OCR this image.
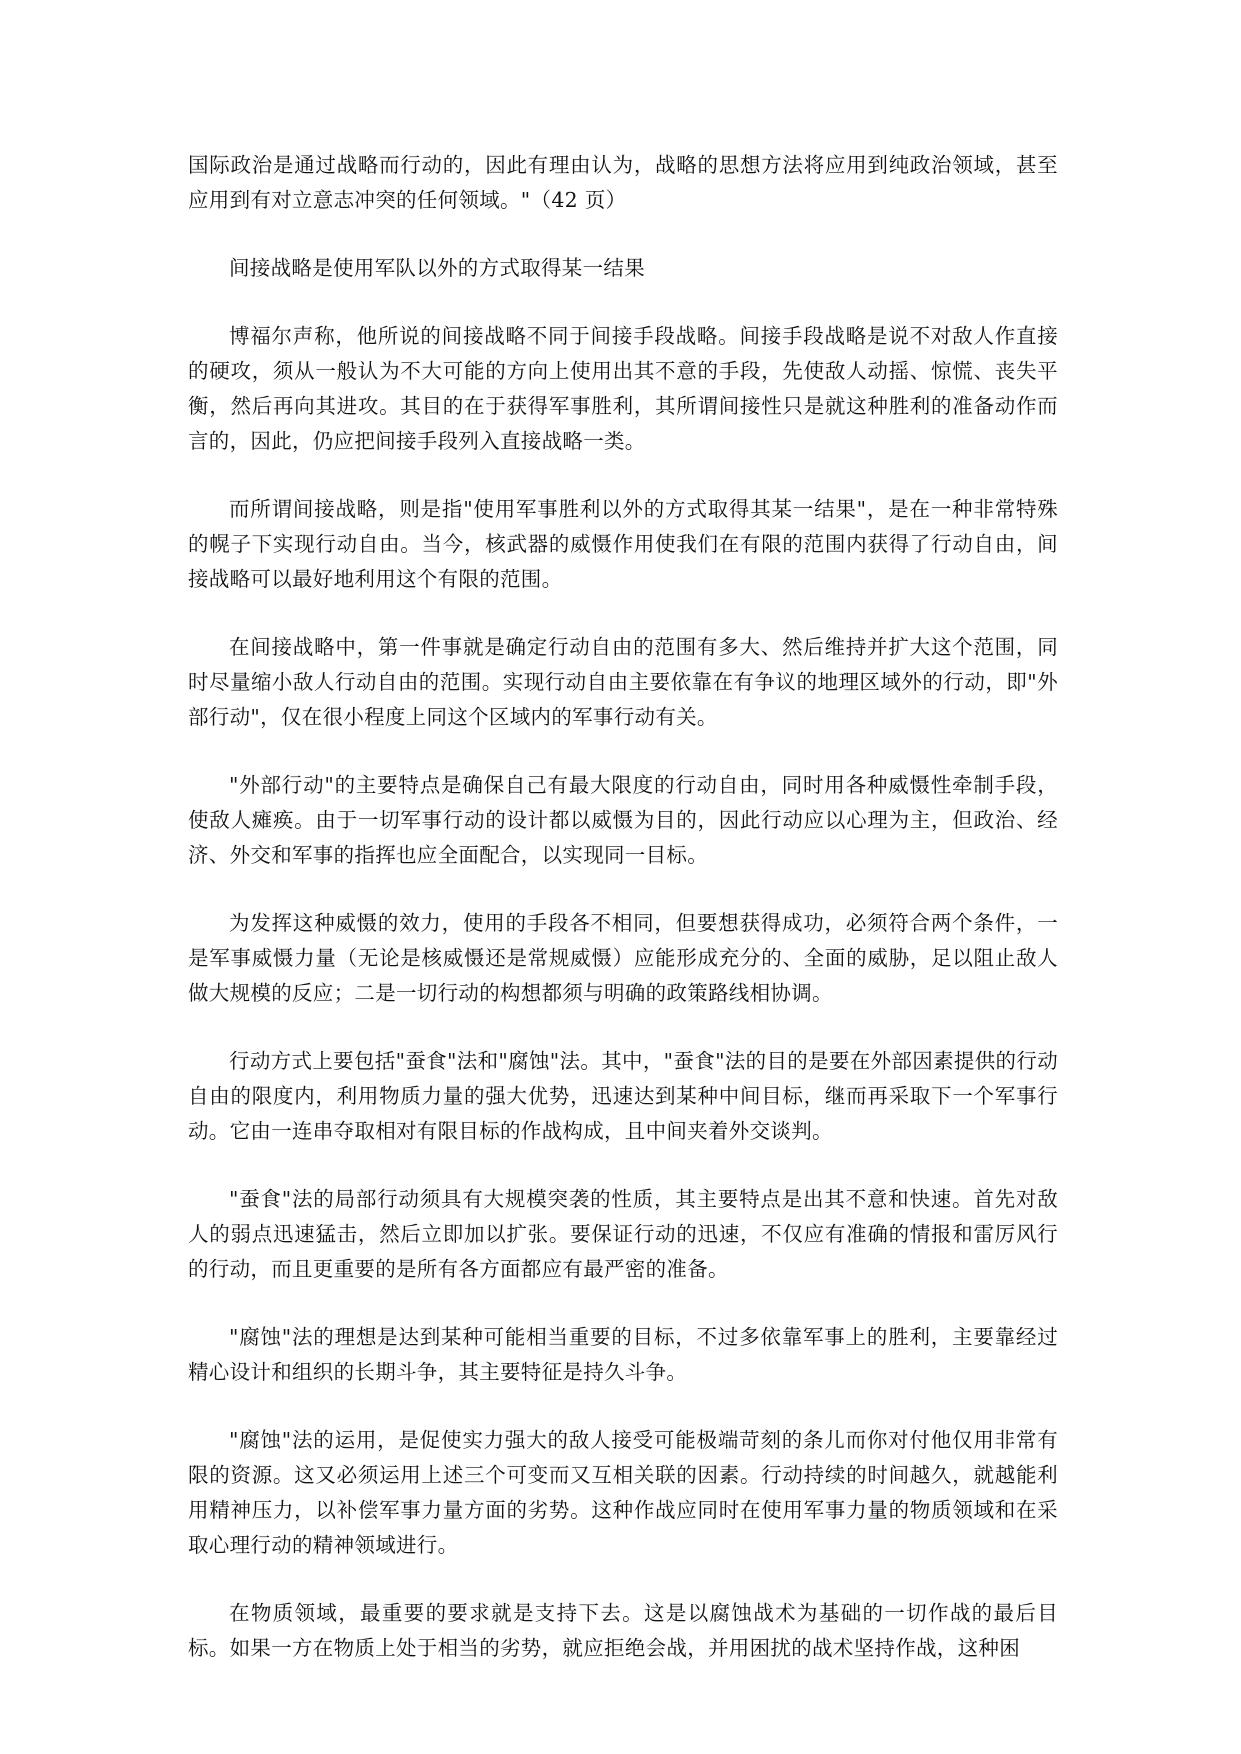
国际政治是通过战略而行动的，因此有理由认为，战略的思想方法将应用到纯政治领域，甚至应用到有对立意志冲突的任何领域。"（42 页）

间接战略是使用军队以外的方式取得某一结果

博福尔声称，他所说的间接战略不同于间接手段战略。间接手段战略是说不对敌人作直接的硬攻，须从一般认为不大可能的方向上使用出其不意的手段，先使敌人动摇、惊慌、丧失平衡，然后再向其进攻。其目的在于获得军事胜利，其所谓间接性只是就这种胜利的准备动作而言的，因此，仍应把间接手段列入直接战略一类。

而所谓间接战略，则是指"使用军事胜利以外的方式取得其某一结果"，是在一种非常特殊的幌子下实现行动自由。当今，核武器的威慑作用使我们在有限的范围内获得了行动自由，间接战略可以最好地利用这个有限的范围。

在间接战略中，第一件事就是确定行动自由的范围有多大、然后维持并扩大这个范围，同时尽量缩小敌人行动自由的范围。实现行动自由主要依靠在有争议的地理区域外的行动，即"外部行动"，仅在很小程度上同这个区域内的军事行动有关。

"外部行动"的主要特点是确保自己有最大限度的行动自由，同时用各种威慑性牵制手段，使敌人瘫痪。由于一切军事行动的设计都以威慑为目的，因此行动应以心理为主，但政治、经济、外交和军事的指挥也应全面配合，以实现同一目标。

为发挥这种威慑的效力，使用的手段各不相同，但要想获得成功，必须符合两个条件，一是军事威慑力量（无论是核威慑还是常规威慑）应能形成充分的、全面的威胁，足以阻止敌人做大规模的反应；二是一切行动的构想都须与明确的政策路线相协调。

行动方式上要包括"蚕食"法和"腐蚀"法。其中，"蚕食"法的目的是要在外部因素提供的行动自由的限度内，利用物质力量的强大优势，迅速达到某种中间目标，继而再采取下一个军事行动。它由一连串夺取相对有限目标的作战构成，且中间夹着外交谈判。

"蚕食"法的局部行动须具有大规模突袭的性质，其主要特点是出其不意和快速。首先对敌人的弱点迅速猛击，然后立即加以扩张。要保证行动的迅速，不仅应有准确的情报和雷厉风行的行动，而且更重要的是所有各方面都应有最严密的准备。

"腐蚀"法的理想是达到某种可能相当重要的目标，不过多依靠军事上的胜利，主要靠经过精心设计和组织的长期斗争，其主要特征是持久斗争。

"腐蚀"法的运用，是促使实力强大的敌人接受可能极端苛刻的条儿而你对付他仅用非常有限的资源。这又必须运用上述三个可变而又互相关联的因素。行动持续的时间越久，就越能利用精神压力，以补偿军事力量方面的劣势。这种作战应同时在使用军事力量的物质领域和在采取心理行动的精神领域进行。

在物质领域，最重要的要求就是支持下去。这是以腐蚀战术为基础的一切作战的最后目标。如果一方在物质上处于相当的劣势，就应拒绝会战，并用困扰的战术坚持作战，这种困
